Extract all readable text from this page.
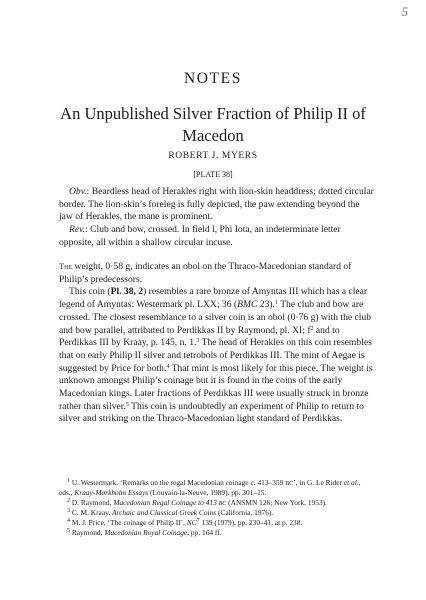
5
NOTES
An Unpublished Silver Fraction of Philip II of Macedon
ROBERT J. MYERS
[PLATE 38]

Obv.: Beardless head of Herakles right with lion-skin headdress; dotted circular border. The lion-skin’s foreleg is fully depicted, the paw extending beyond the jaw of Herakles, the mane is prominent.

Rev.: Club and bow, crossed. In field l, Phi Iota, an indeterminate letter opposite, all within a shallow circular incuse.

The weight, 0·58 g, indicates an obol on the Thraco-Macedonian standard of Philip’s predecessors.

This coin (Pl. 38, 2) resembles a rare bronze of Amyntas III which has a clear legend of Amyntas: Westermark pl. LXX; 36 (BMC 23).$^1$ The club and bow are crossed. The closest resemblance to a silver coin is an obol (0·76 g) with the club and bow parallel, attributed to Perdikkas II by Raymond, pl. XI; $f^2$ and to Perdikkas III by Kraay, p. 145, n. 1.$^3$ The head of Herakles on this coin resembles that on early Philip II silver and tetrobols of Perdikkas III. The mint of Aegae is suggested by Price for both.$^4$ That mint is most likely for this piece. The weight is unknown amongst Philip’s coinage but it is found in the coins of the early Macedonian kings. Later fractions of Perdikkas III were usually struck in bronze rather than silver.$^5$ This coin is undoubtedly an experiment of Philip to return to silver and striking on the Thraco-Macedonian light standard of Perdikkas.

$^1$ U. Westermark, ‘Remarks on the regal Macedonian coinage c. 413–359 bc’, in G. Le Rider et al., eds., Kraay-Mørkholm Essays (Louvain-la-Neuve, 1989), pp. 301–15.

$^2$ D. Raymond, Macedonian Regal Coinage to 413 bc (ANSMN 126; New York, 1953).

$^3$ C. M. Kraay, Archaic and Classical Greek Coins (California, 1976).

$^4$ M. J. Price, ‘The coinage of Philip II’, $NC^7$ 139 (1979), pp. 230–41, at p. 238.

$^5$ Raymond, Macedonian Royal Coinage, pp. 164 ff.
